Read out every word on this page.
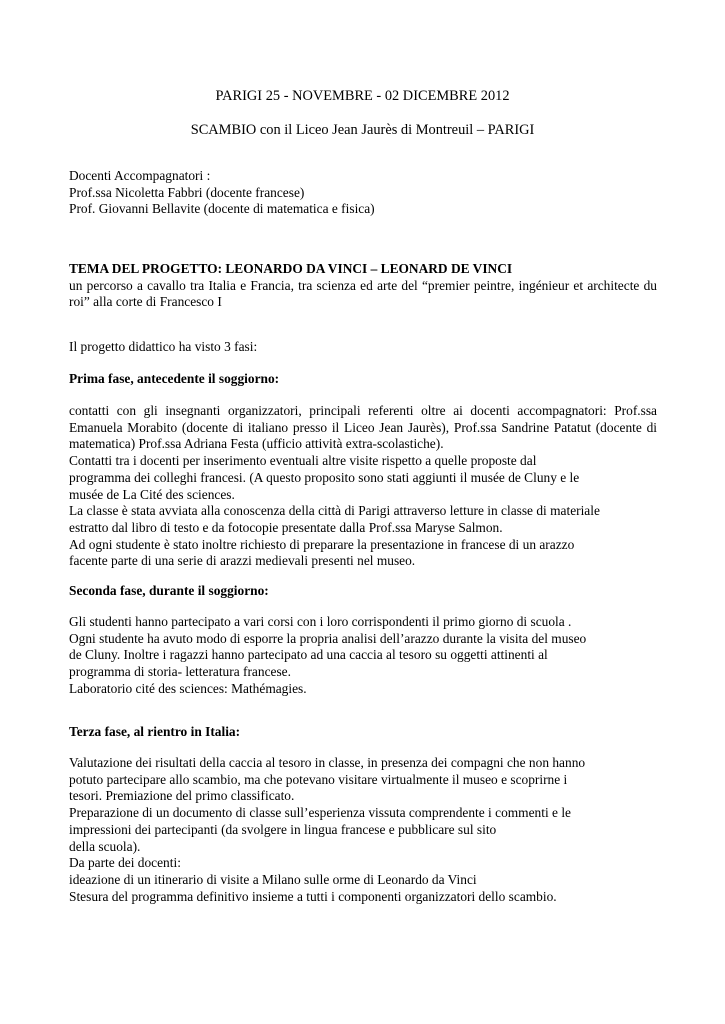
PARIGI 25 - NOVEMBRE - 02 DICEMBRE 2012
SCAMBIO con il Liceo Jean Jaurès di Montreuil – PARIGI
Docenti Accompagnatori :
Prof.ssa Nicoletta Fabbri (docente francese)
Prof. Giovanni Bellavite (docente di matematica e fisica)
TEMA DEL PROGETTO: LEONARDO DA VINCI – LEONARD DE VINCI
un percorso a cavallo tra Italia e Francia, tra scienza ed arte del “premier peintre, ingénieur et architecte du
roi” alla corte di Francesco I
Il progetto didattico ha visto 3 fasi:
Prima fase, antecedente il soggiorno:
contatti con gli insegnanti organizzatori, principali referenti oltre ai docenti accompagnatori: Prof.ssa
Emanuela Morabito (docente di italiano presso il Liceo Jean Jaurès), Prof.ssa Sandrine Patatut (docente di
matematica) Prof.ssa Adriana Festa (ufficio attività extra-scolastiche).
Contatti tra i docenti per inserimento eventuali altre visite rispetto a quelle proposte dal
programma dei colleghi francesi. (A questo proposito sono stati aggiunti il musée de Cluny e le
musée de La Cité des sciences.
La classe è stata avviata alla conoscenza della città di Parigi attraverso letture in classe di materiale
estratto dal libro di testo e da fotocopie presentate dalla Prof.ssa Maryse Salmon.
Ad ogni studente è stato inoltre richiesto di preparare la presentazione in francese di un arazzo
facente parte di una serie di arazzi medievali presenti nel museo.
Seconda fase, durante il soggiorno:
Gli studenti hanno partecipato a vari corsi con i loro corrispondenti il primo giorno di scuola .
Ogni studente ha avuto modo di esporre la propria analisi dell’arazzo durante la visita del museo
de Cluny. Inoltre i ragazzi hanno partecipato ad una caccia al tesoro su oggetti attinenti al
programma di storia- letteratura francese.
Laboratorio cité des sciences: Mathémagies.
Terza fase, al rientro in Italia:
Valutazione dei risultati della caccia al tesoro in classe, in presenza dei compagni che non hanno
potuto partecipare allo scambio, ma che potevano visitare virtualmente il museo e scoprirne i
tesori. Premiazione del primo classificato.
Preparazione di un documento di classe sull’esperienza vissuta comprendente i commenti e le
impressioni dei partecipanti (da svolgere in lingua francese e pubblicare sul sito
della scuola).
Da parte dei docenti:
ideazione di un itinerario di visite a Milano sulle orme di Leonardo da Vinci
Stesura del programma definitivo insieme a tutti i componenti organizzatori dello scambio.
